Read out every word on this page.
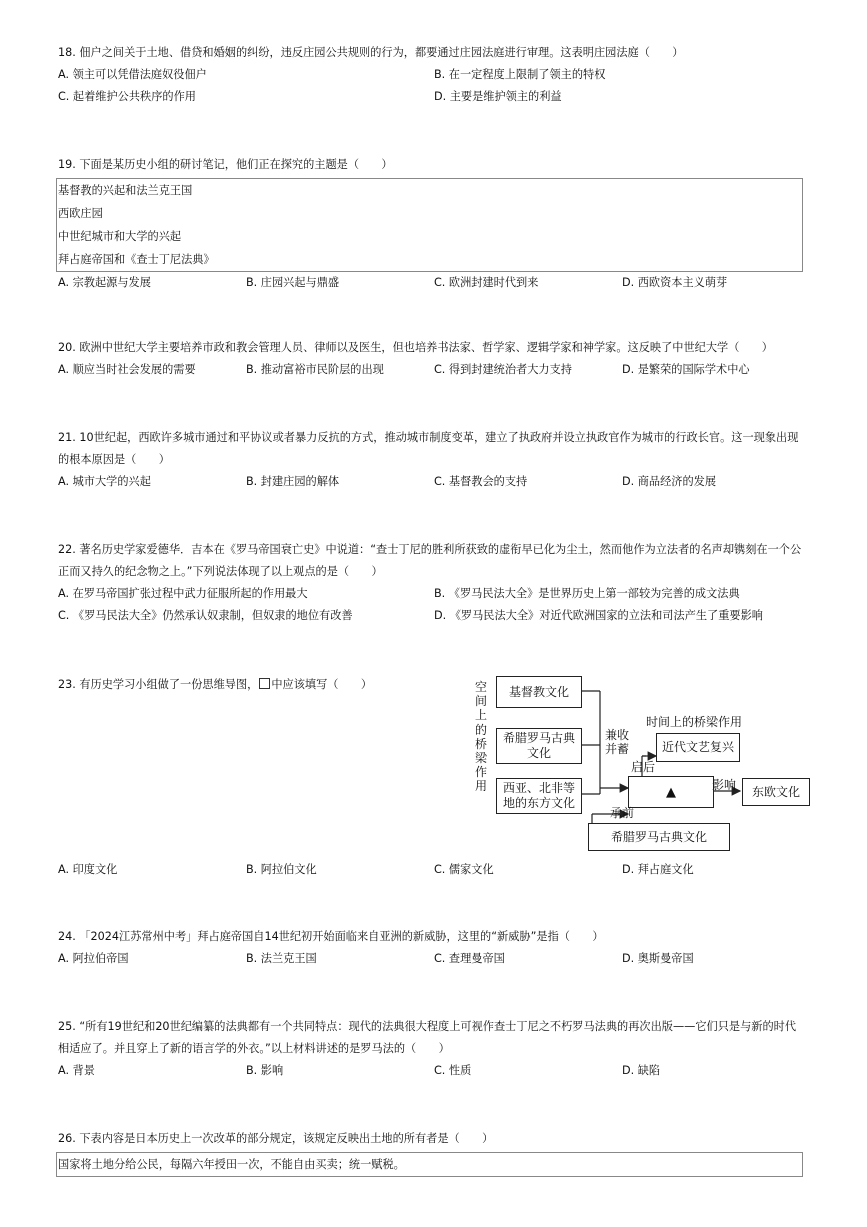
18. 佃户之间关于土地、借贷和婚姻的纠纷，违反庄园公共规则的行为，都要通过庄园法庭进行审理。这表明庄园法庭（　　）
A. 领主可以凭借法庭奴役佃户	B. 在一定程度上限制了领主的特权
C. 起着维护公共秩序的作用	D. 主要是维护领主的利益
19. 下面是某历史小组的研讨笔记，他们正在探究的主题是（　　）
基督教的兴起和法兰克王国
西欧庄园
中世纪城市和大学的兴起
拜占庭帝国和《查士丁尼法典》
A. 宗教起源与发展	B. 庄园兴起与鼎盛	C. 欧洲封建时代到来	D. 西欧资本主义萌芽
20. 欧洲中世纪大学主要培养市政和教会管理人员、律师以及医生，但也培养书法家、哲学家、逻辑学家和神学家。这反映了中世纪大学（　　）
A. 顺应当时社会发展的需要	B. 推动富裕市民阶层的出现	C. 得到封建统治者大力支持	D. 是繁荣的国际学术中心
21. 10世纪起，西欧许多城市通过和平协议或者暴力反抗的方式，推动城市制度变革，建立了执政府并设立执政官作为城市的行政长官。这一现象出现的根本原因是（　　）
A. 城市大学的兴起	B. 封建庄园的解体	C. 基督教会的支持	D. 商品经济的发展
22. 著名历史学家爱德华．吉本在《罗马帝国衰亡史》中说道：“查士丁尼的胜利所获致的虚衔早已化为尘土，然而他作为立法者的名声却镌刻在一个公正而又持久的纪念物之上。”下列说法体现了以上观点的是（　　）
A. 在罗马帝国扩张过程中武力征服所起的作用最大	B. 《罗马民法大全》是世界历史上第一部较为完善的成文法典
C. 《罗马民法大全》仍然承认奴隶制，但奴隶的地位有改善	D. 《罗马民法大全》对近代欧洲国家的立法和司法产生了重要影响
23. 有历史学习小组做了一份思维导图， 中应该填写（　　）
A. 印度文化	B. 阿拉伯文化	C. 儒家文化	D. 拜占庭文化
空间上的桥梁作用
基督教文化
希腊罗马古典文化
西亚、北非等地的东方文化
兼收并蓄
时间上的桥梁作用
近代文艺复兴
启后
▲	影响	东欧文化
承前
希腊罗马古典文化
24. 「2024江苏常州中考」拜占庭帝国自14世纪初开始面临来自亚洲的新威胁，这里的“新威胁”是指（　　）
A. 阿拉伯帝国	B. 法兰克王国	C. 查理曼帝国	D. 奥斯曼帝国
25. “所有19世纪和20世纪编纂的法典都有一个共同特点：现代的法典很大程度上可视作查士丁尼之不朽罗马法典的再次出版——它们只是与新的时代相适应了。并且穿上了新的语言学的外衣。”以上材料讲述的是罗马法的（　　）
A. 背景	B. 影响	C. 性质	D. 缺陷
26. 下表内容是日本历史上一次改革的部分规定，该规定反映出土地的所有者是（　　）
国家将土地分给公民，每隔六年授田一次，不能自由买卖；统一赋税。
